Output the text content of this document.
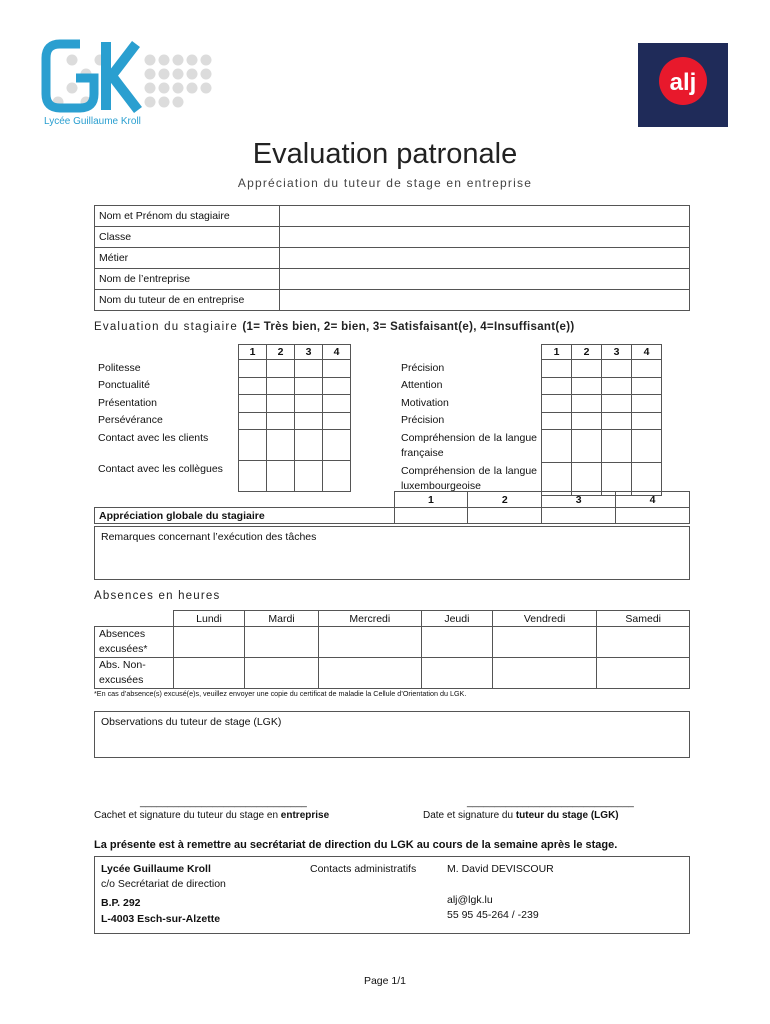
LGK
Lycée Guillaume Kroll
alj
Evaluation patronale
Appréciation du tuteur de stage en entreprise
Nom et Prénom du stagiaire	
Classe	
Métier	
Nom de l’entreprise	
Nom du tuteur de en entreprise	
Evaluation du stagiaire (1= Très bien, 2= bien, 3= Satisfaisant(e), 4=Insuffisant(e))
	1	2	3	4
Politesse				
Ponctualité				
Présentation				
Persévérance				
Contact avec les clients				
Contact avec les collègues				
	1	2	3	4
Précision				
Attention				
Motivation				
Précision				
Compréhension de la langue française				
Compréhension de la langue luxembourgeoise				
	1	2	3	4
Appréciation globale du stagiaire				
Remarques concernant l’exécution des tâches
Absences en heures
	Lundi	Mardi	Mercredi	Jeudi	Vendredi	Samedi
Absences excusées*						
Abs. Non-excusées						
*En cas d’absence(s) excusé(e)s, veuillez envoyer une copie du certificat de maladie la Cellule d’Orientation du LGK.
Observations du tuteur de stage (LGK)
______________________________	______________________________
Cachet et signature du tuteur du stage en entreprise	Date et signature du tuteur du stage (LGK)
La présente est à remettre au secrétariat de direction du LGK au cours de la semaine après le stage.
Lycée Guillaume Kroll
c/o Secrétariat de direction
B.P. 292
L-4003 Esch-sur-Alzette
Contacts administratifs	M. David DEVISCOUR
alj@lgk.lu
55 95 45-264 / -239
Page 1/1
